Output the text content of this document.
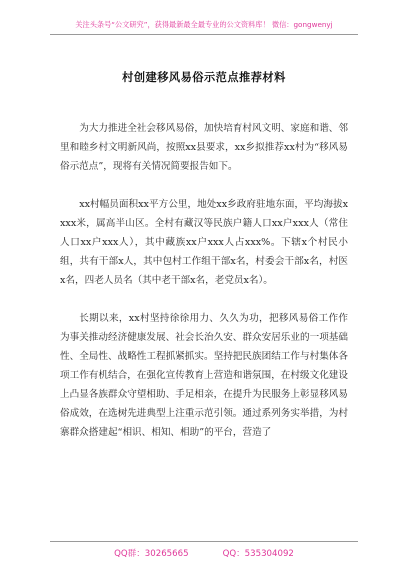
关注头条号“公文研究”，获得最新最全最专业的公文资料库！ 微信：gongwenyj
村创建移风易俗示范点推荐材料

为大力推进全社会移风易俗，加快培育村风文明、家庭和谐、邻里和睦乡村文明新风尚，按照xx县要求，xx乡拟推荐xx村为“移风易俗示范点”，现将有关情况简要报告如下。

xx村幅员面积xx平方公里，地处xx乡政府驻地东面，平均海拔xxxx米，属高半山区。全村有藏汉等民族户籍人口xx户xxx人（常住人口xx户xxx人），其中藏族xx户xxx人占xxx%。下辖x个村民小组，共有干部x人，其中包村工作组干部x名，村委会干部x名，村医x名，四老人员名（其中老干部x名，老党员x名）。

长期以来，xx村坚持徐徐用力、久久为功，把移风易俗工作作为事关推动经济健康发展、社会长治久安、群众安居乐业的一项基础性、全局性、战略性工程抓紧抓实。坚持把民族团结工作与村集体各项工作有机结合，在强化宣传教育上营造和谐氛围，在村级文化建设上凸显各族群众守望相助、手足相亲，在提升为民服务上彰显移风易俗成效，在选树先进典型上注重示范引领。通过系列务实举措，为村寨群众搭建起“相识、相知、相助”的平台，营造了

QQ群：30265665	QQ：535304092
